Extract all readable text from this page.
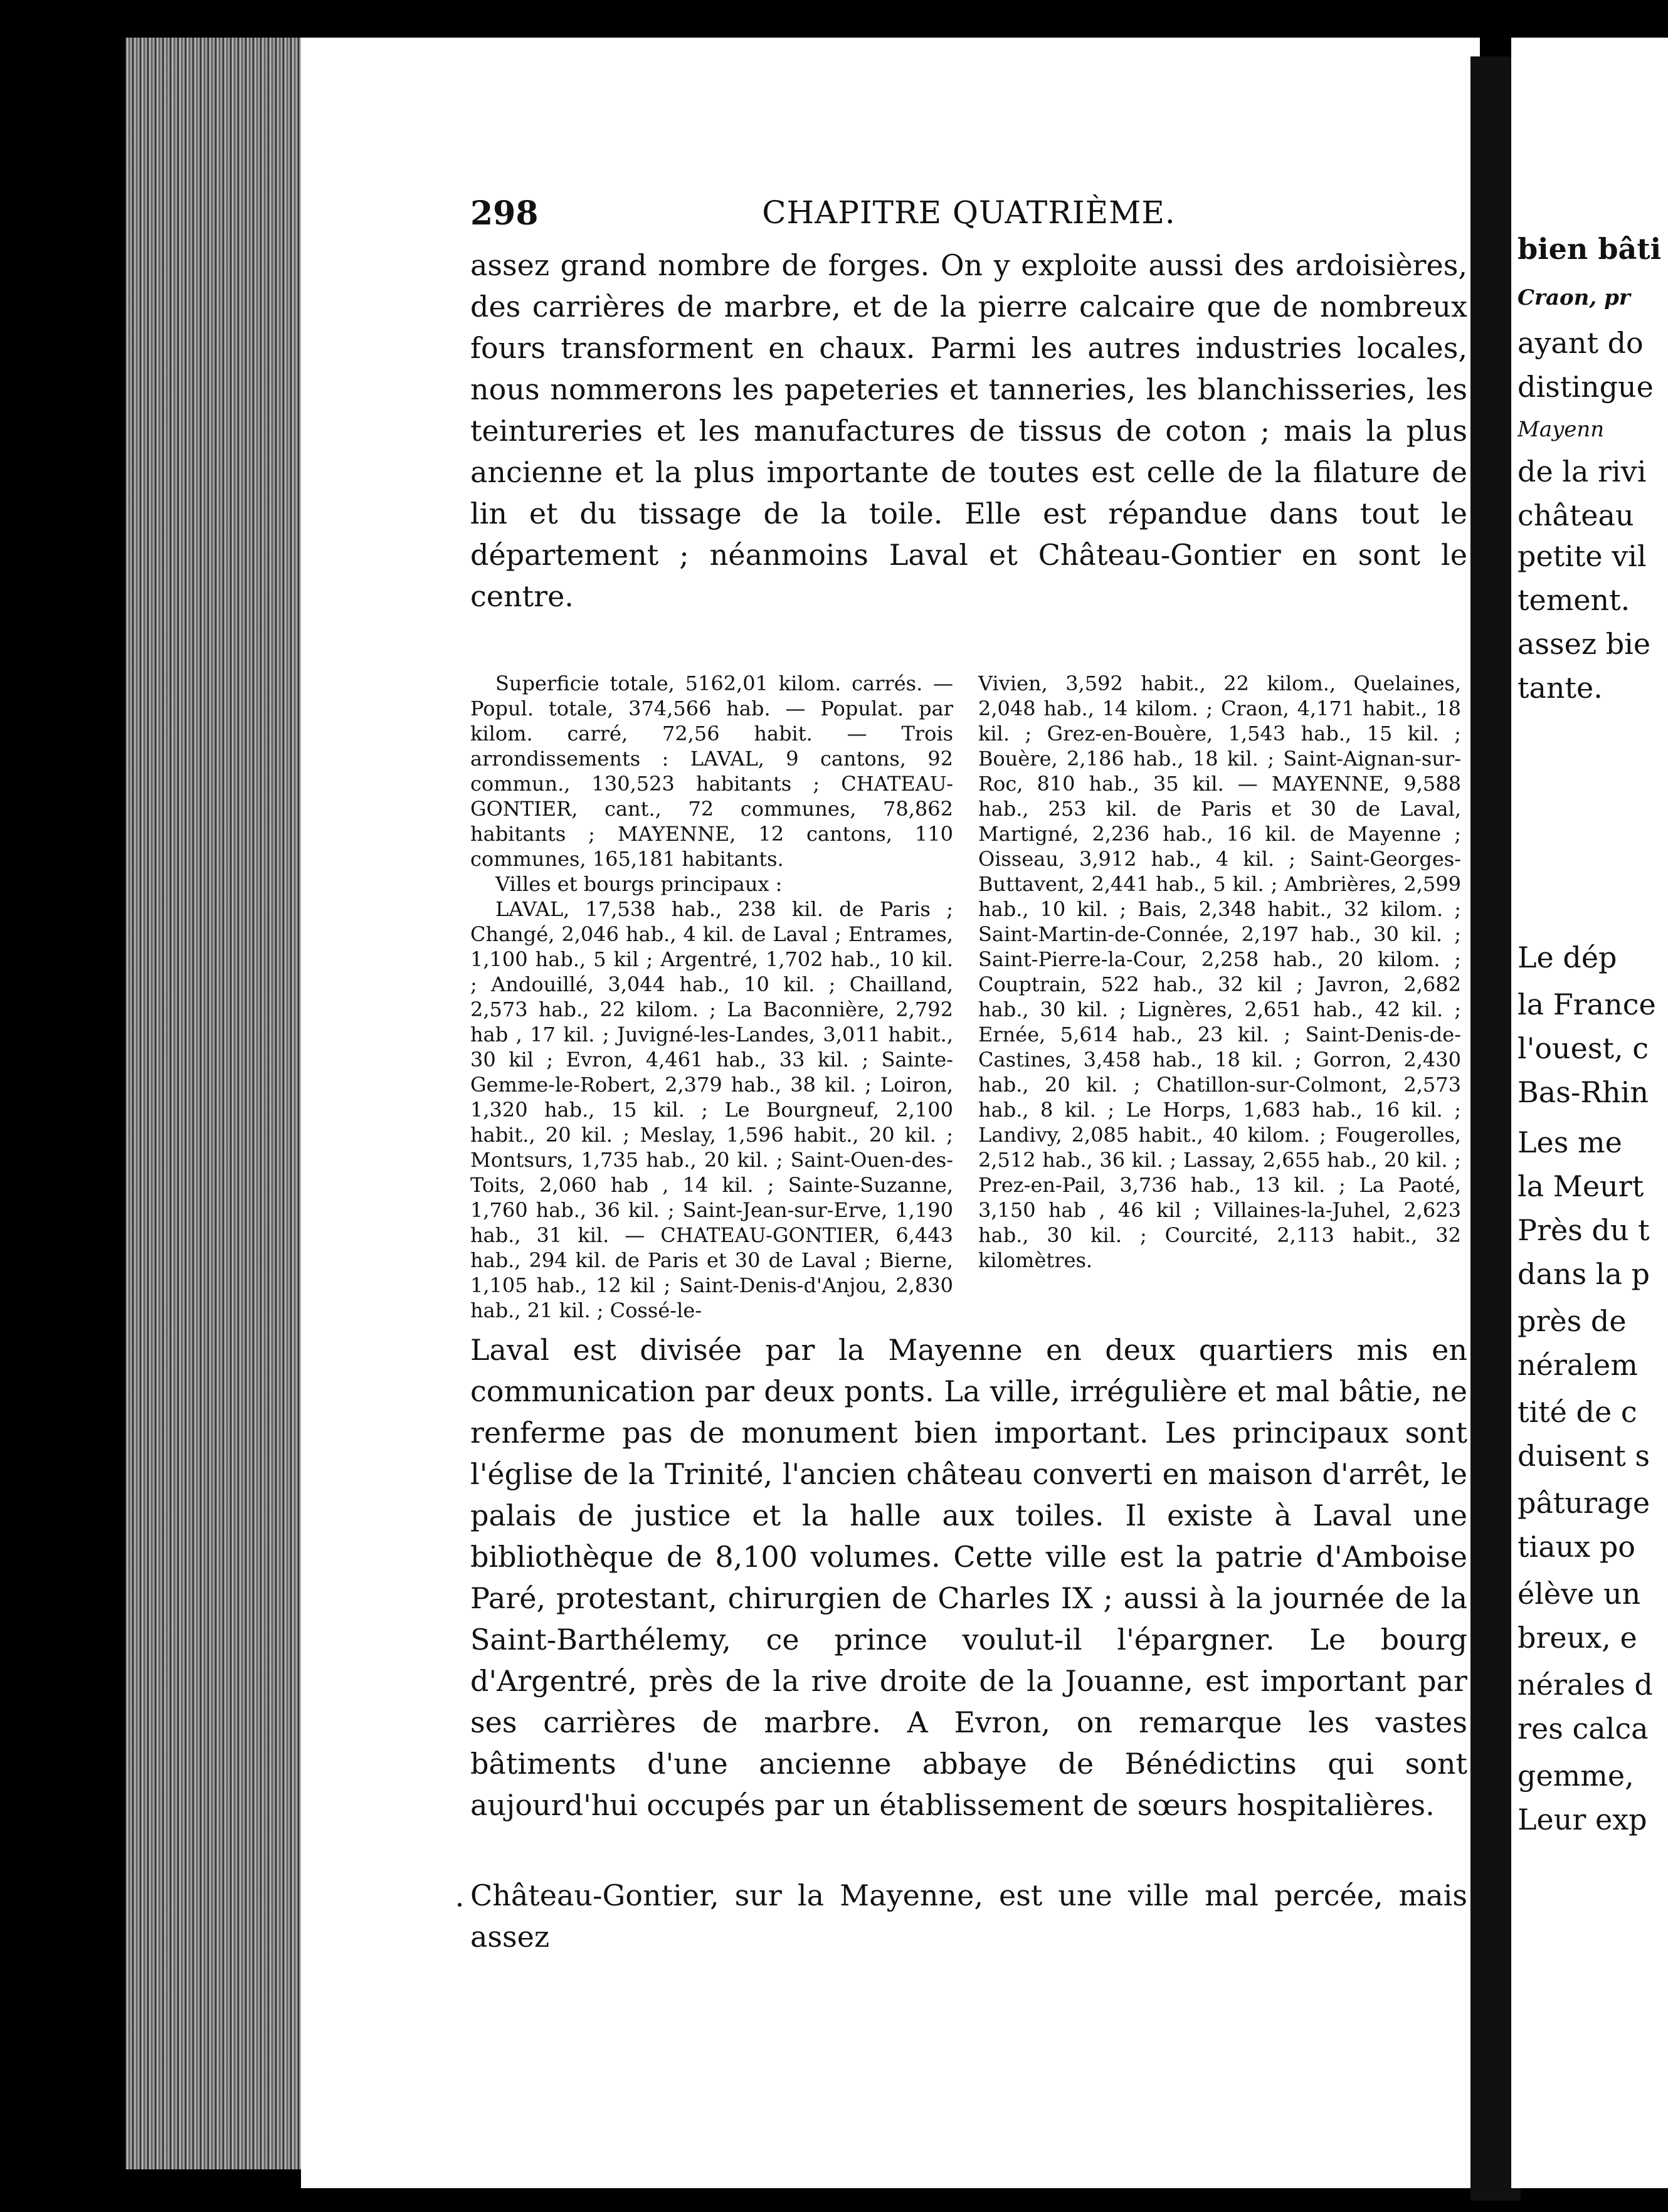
CHAPITRE QUATRIÈME.
298
assez grand nombre de forges. On y exploite aussi des ardoisières, des carrières de marbre, et de la pierre calcaire que de nombreux fours transforment en chaux. Parmi les autres industries locales, nous nommerons les papeteries et tanneries, les blanchisseries, les teintureries et les manufactures de tissus de coton ; mais la plus ancienne et la plus importante de toutes est celle de la filature de lin et du tissage de la toile. Elle est répandue dans tout le département ; néanmoins Laval et Château-Gontier en sont le centre.
Superficie totale, 5162,01 kilom. carrés. — Popul. totale, 374,566 hab. — Populat. par kilom. carré, 72,56 habit. — Trois arrondissements : LAVAL, 9 cantons, 92 commun., 130,523 habitants ; CHATEAU-GONTIER, cant., 72 communes, 78,862 habitants ; MAYENNE, 12 cantons, 110 communes, 165,181 habitants.
Villes et bourgs principaux :
LAVAL, 17,538 hab., 238 kil. de Paris ; Changé, 2,046 hab., 4 kil. de Laval ; Entrames, 1,100 hab., 5 kil ; Argentré, 1,702 hab., 10 kil. ; Andouillé, 3,044 hab., 10 kil. ; Chailland, 2,573 hab., 22 kilom. ; La Baconnière, 2,792 hab , 17 kil. ; Juvigné-les-Landes, 3,011 habit., 30 kil ; Evron, 4,461 hab., 33 kil. ; Sainte-Gemme-le-Robert, 2,379 hab., 38 kil. ; Loiron, 1,320 hab., 15 kil. ; Le Bourgneuf, 2,100 habit., 20 kil. ; Meslay, 1,596 habit., 20 kil. ; Montsurs, 1,735 hab., 20 kil. ; Saint-Ouen-des-Toits, 2,060 hab , 14 kil. ; Sainte-Suzanne, 1,760 hab., 36 kil. ; Saint-Jean-sur-Erve, 1,190 hab., 31 kil. — CHATEAU-GONTIER, 6,443 hab., 294 kil. de Paris et 30 de Laval ; Bierne, 1,105 hab., 12 kil ; Saint-Denis-d'Anjou, 2,830 hab., 21 kil. ; Cossé-le-
Vivien, 3,592 habit., 22 kilom., Quelaines, 2,048 hab., 14 kilom. ; Craon, 4,171 habit., 18 kil. ; Grez-en-Bouère, 1,543 hab., 15 kil. ; Bouère, 2,186 hab., 18 kil. ; Saint-Aignan-sur-Roc, 810 hab., 35 kil. — MAYENNE, 9,588 hab., 253 kil. de Paris et 30 de Laval, Martigné, 2,236 hab., 16 kil. de Mayenne ; Oisseau, 3,912 hab., 4 kil. ; Saint-Georges-Buttavent, 2,441 hab., 5 kil. ; Ambrières, 2,599 hab., 10 kil. ; Bais, 2,348 habit., 32 kilom. ; Saint-Martin-de-Connée, 2,197 hab., 30 kil. ; Saint-Pierre-la-Cour, 2,258 hab., 20 kilom. ; Couptrain, 522 hab., 32 kil ; Javron, 2,682 hab., 30 kil. ; Lignères, 2,651 hab., 42 kil. ; Ernée, 5,614 hab., 23 kil. ; Saint-Denis-de-Castines, 3,458 hab., 18 kil. ; Gorron, 2,430 hab., 20 kil. ; Chatillon-sur-Colmont, 2,573 hab., 8 kil. ; Le Horps, 1,683 hab., 16 kil. ; Landivy, 2,085 habit., 40 kilom. ; Fougerolles, 2,512 hab., 36 kil. ; Lassay, 2,655 hab., 20 kil. ; Prez-en-Pail, 3,736 hab., 13 kil. ; La Paoté, 3,150 hab , 46 kil ; Villaines-la-Juhel, 2,623 hab., 30 kil. ; Courcité, 2,113 habit., 32 kilomètres.
Laval est divisée par la Mayenne en deux quartiers mis en communication par deux ponts. La ville, irrégulière et mal bâtie, ne renferme pas de monument bien important. Les principaux sont l'église de la Trinité, l'ancien château converti en maison d'arrêt, le palais de justice et la halle aux toiles. Il existe à Laval une bibliothèque de 8,100 volumes. Cette ville est la patrie d'Amboise Paré, protestant, chirurgien de Charles IX ; aussi à la journée de la Saint-Barthélemy, ce prince voulut-il l'épargner. Le bourg d'Argentré, près de la rive droite de la Jouanne, est important par ses carrières de marbre. A Evron, on remarque les vastes bâtiments d'une ancienne abbaye de Bénédictins qui sont aujourd'hui occupés par un établissement de sœurs hospitalières.
Château-Gontier, sur la Mayenne, est une ville mal percée, mais assez
bien bâti
Craon, pr
ayant do
distingue
Mayenn
de la rivi
château
petite vil
tement.
assez bie
tante.
Le dép
la France
l'ouest, c
Bas-Rhin
Les me
la Meurt
Près du t
dans la p
près de
néralem
tité de c
duisent s
pâturage
tiaux po
élève un
breux, e
nérales d
res calca
gemme,
Leur exp
